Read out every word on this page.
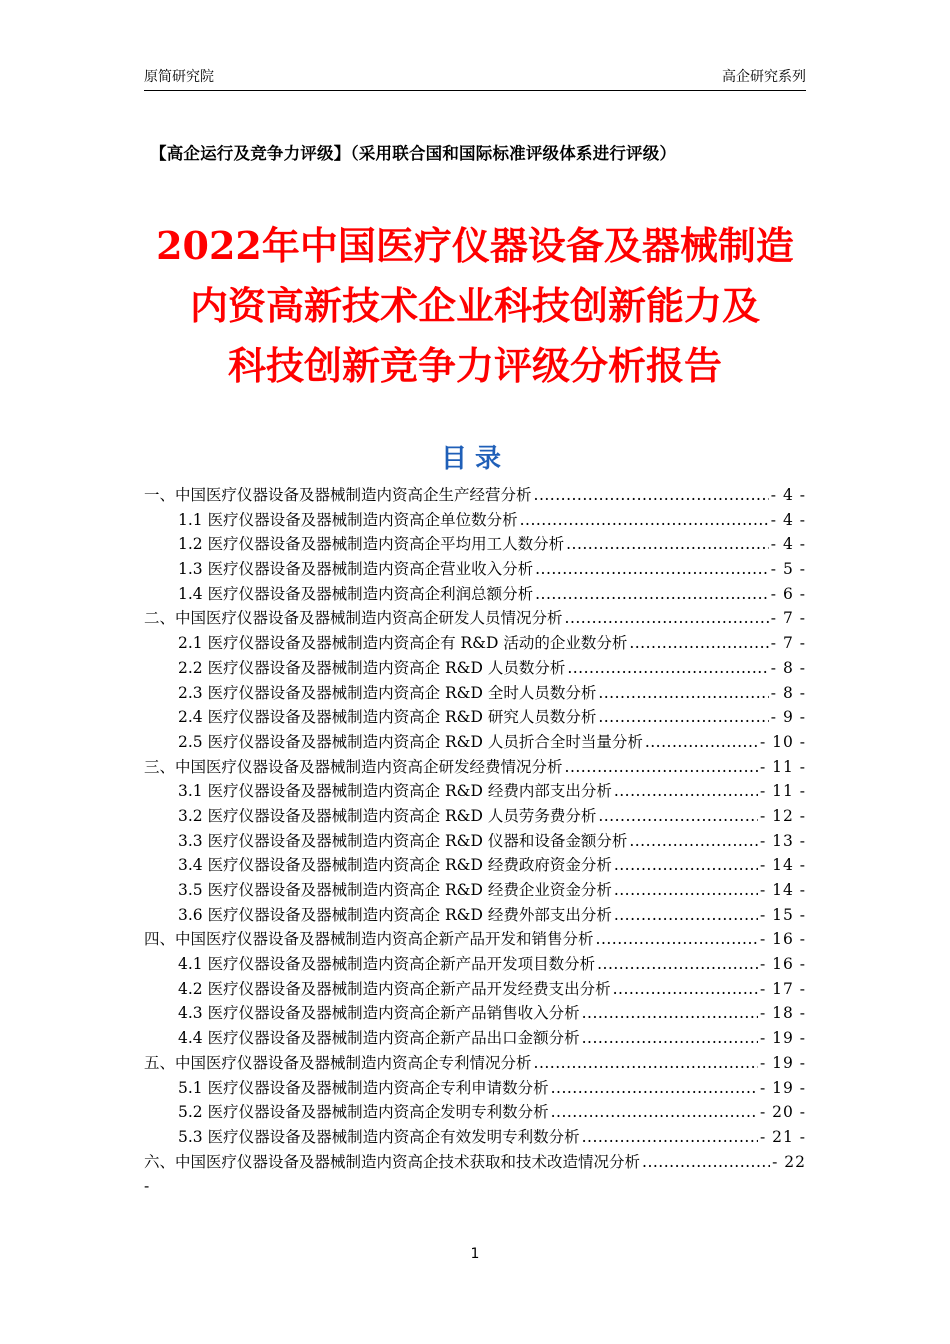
原简研究院	高企研究系列
【高企运行及竞争力评级】（采用联合国和国际标准评级体系进行评级）
2022年中国医疗仪器设备及器械制造
内资高新技术企业科技创新能力及
科技创新竞争力评级分析报告
目录
一、中国医疗仪器设备及器械制造内资高企生产经营分析 .....	- 4 -
1.1 医疗仪器设备及器械制造内资高企单位数分析 .....	- 4 -
1.2 医疗仪器设备及器械制造内资高企平均用工人数分析 .....	- 4 -
1.3 医疗仪器设备及器械制造内资高企营业收入分析 .....	- 5 -
1.4 医疗仪器设备及器械制造内资高企利润总额分析 .....	- 6 -
二、中国医疗仪器设备及器械制造内资高企研发人员情况分析 .....	- 7 -
2.1 医疗仪器设备及器械制造内资高企有 R&D 活动的企业数分析 .....	- 7 -
2.2 医疗仪器设备及器械制造内资高企 R&D 人员数分析 .....	- 8 -
2.3 医疗仪器设备及器械制造内资高企 R&D 全时人员数分析 .....	- 8 -
2.4 医疗仪器设备及器械制造内资高企 R&D 研究人员数分析 .....	- 9 -
2.5 医疗仪器设备及器械制造内资高企 R&D 人员折合全时当量分析 .....	- 10 -
三、中国医疗仪器设备及器械制造内资高企研发经费情况分析 .....	- 11 -
3.1 医疗仪器设备及器械制造内资高企 R&D 经费内部支出分析 .....	- 11 -
3.2 医疗仪器设备及器械制造内资高企 R&D 人员劳务费分析 .....	- 12 -
3.3 医疗仪器设备及器械制造内资高企 R&D 仪器和设备金额分析 .....	- 13 -
3.4 医疗仪器设备及器械制造内资高企 R&D 经费政府资金分析 .....	- 14 -
3.5 医疗仪器设备及器械制造内资高企 R&D 经费企业资金分析 .....	- 14 -
3.6 医疗仪器设备及器械制造内资高企 R&D 经费外部支出分析 .....	- 15 -
四、中国医疗仪器设备及器械制造内资高企新产品开发和销售分析 .....	- 16 -
4.1 医疗仪器设备及器械制造内资高企新产品开发项目数分析 .....	- 16 -
4.2 医疗仪器设备及器械制造内资高企新产品开发经费支出分析 .....	- 17 -
4.3 医疗仪器设备及器械制造内资高企新产品销售收入分析 .....	- 18 -
4.4 医疗仪器设备及器械制造内资高企新产品出口金额分析 .....	- 19 -
五、中国医疗仪器设备及器械制造内资高企专利情况分析 .....	- 19 -
5.1 医疗仪器设备及器械制造内资高企专利申请数分析 .....	- 19 -
5.2 医疗仪器设备及器械制造内资高企发明专利数分析 .....	- 20 -
5.3 医疗仪器设备及器械制造内资高企有效发明专利数分析 .....	- 21 -
六、中国医疗仪器设备及器械制造内资高企技术获取和技术改造情况分析 .....	- 22
-
1
